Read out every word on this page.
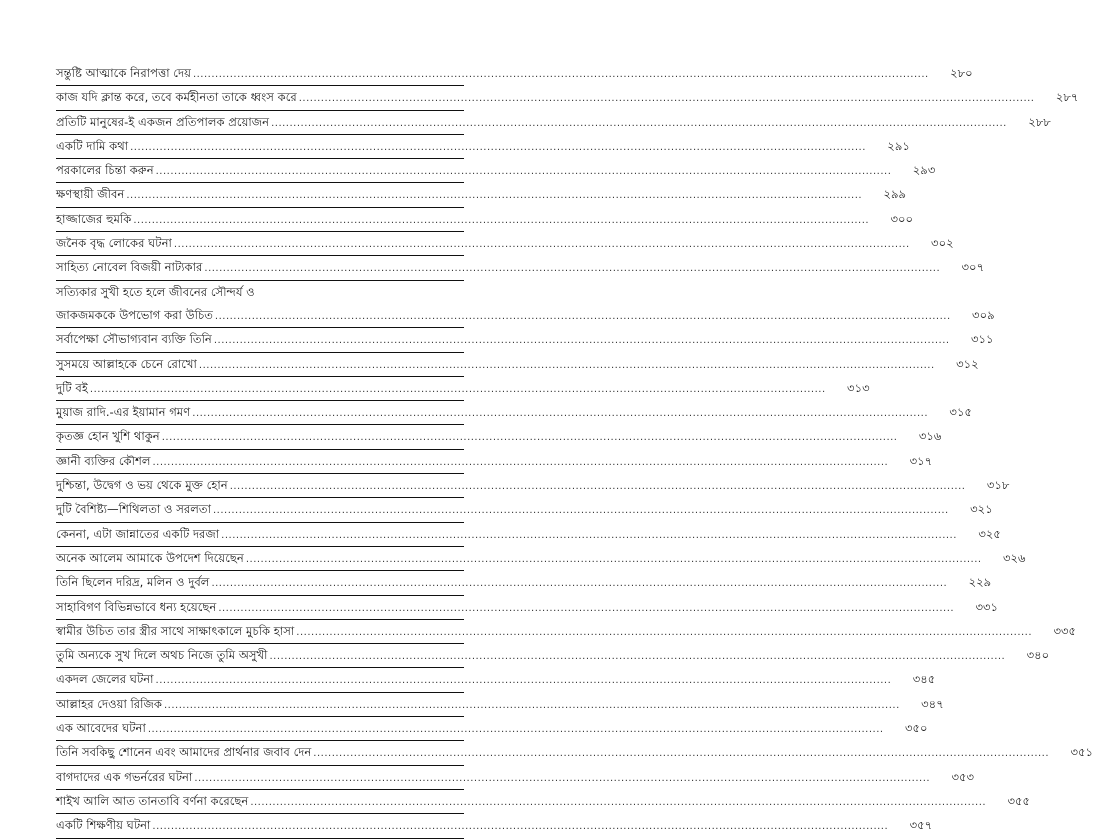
সন্তুষ্টি আত্মাকে নিরাপত্তা দেয় ........................................................................................................................................................................................................	২৮০
কাজ যদি ক্লান্ত করে, তবে কর্মহীনতা তাকে ধ্বংস করে ........................................................................................................................................................................................................	২৮৭
প্রতিটি মানুষের-ই একজন প্রতিপালক প্রয়োজন ........................................................................................................................................................................................................	২৮৮
একটি দামি কথা ........................................................................................................................................................................................................	২৯১
পরকালের চিন্তা করুন ........................................................................................................................................................................................................	২৯৩
ক্ষণস্থায়ী জীবন ........................................................................................................................................................................................................	২৯৯
হাজ্জাজের হুমকি ........................................................................................................................................................................................................	৩০০
জনৈক বৃদ্ধ লোকের ঘটনা ........................................................................................................................................................................................................	৩০২
সাহিত্য নোবেল বিজয়ী নাট্যকার ........................................................................................................................................................................................................	৩০৭
সত্যিকার সুখী হতে হলে জীবনের সৌন্দর্য ও
জাকজমককে উপভোগ করা উচিত ........................................................................................................................................................................................................	৩০৯
সর্বাপেক্ষা সৌভাগ্যবান ব্যক্তি তিনি ........................................................................................................................................................................................................	৩১১
সুসময়ে আল্লাহকে চেনে রোখো ........................................................................................................................................................................................................	৩১২
দুটি বই ........................................................................................................................................................................................................	৩১৩
মুয়াজ রাদি.-এর ইয়ামান গমণ ........................................................................................................................................................................................................	৩১৫
কৃতজ্ঞ হোন খুশি থাকুন ........................................................................................................................................................................................................	৩১৬
জ্ঞানী ব্যক্তির কৌশল ........................................................................................................................................................................................................	৩১৭
দুশ্চিন্তা, উদ্বেগ ও ভয় থেকে মুক্ত হোন ........................................................................................................................................................................................................	৩১৮
দুটি বৈশিষ্ট্য—শিথিলতা ও সরলতা ........................................................................................................................................................................................................	৩২১
কেননা, এটা জান্নাতের একটি দরজা ........................................................................................................................................................................................................	৩২৫
অনেক আলেম আমাকে উপদেশ দিয়েছেন ........................................................................................................................................................................................................	৩২৬
তিনি ছিলেন দরিদ্র, মলিন ও দুর্বল ........................................................................................................................................................................................................	২২৯
সাহাবিগণ বিভিন্নভাবে ধন্য হয়েছেন ........................................................................................................................................................................................................	৩৩১
স্বামীর উচিত তার স্ত্রীর সাথে সাক্ষাৎকালে মুচকি হাসা ........................................................................................................................................................................................................	৩৩৫
তুমি অন্যকে সুখ দিলে অথচ নিজে তুমি অসুখী ........................................................................................................................................................................................................	৩৪০
একদল জেলের ঘটনা ........................................................................................................................................................................................................	৩৪৫
আল্লাহর দেওয়া রিজিক ........................................................................................................................................................................................................	৩৪৭
এক আবেদের ঘটনা ........................................................................................................................................................................................................	৩৫০
তিনি সবকিছু শোনেন এবং আমাদের প্রার্থনার জবাব দেন ........................................................................................................................................................................................................	৩৫১
বাগদাদের এক গভর্নরের ঘটনা ........................................................................................................................................................................................................	৩৫৩
শাইখ আলি আত তানতাবি বর্ণনা করেছেন ........................................................................................................................................................................................................	৩৫৫
একটি শিক্ষণীয় ঘটনা ........................................................................................................................................................................................................	৩৫৭
